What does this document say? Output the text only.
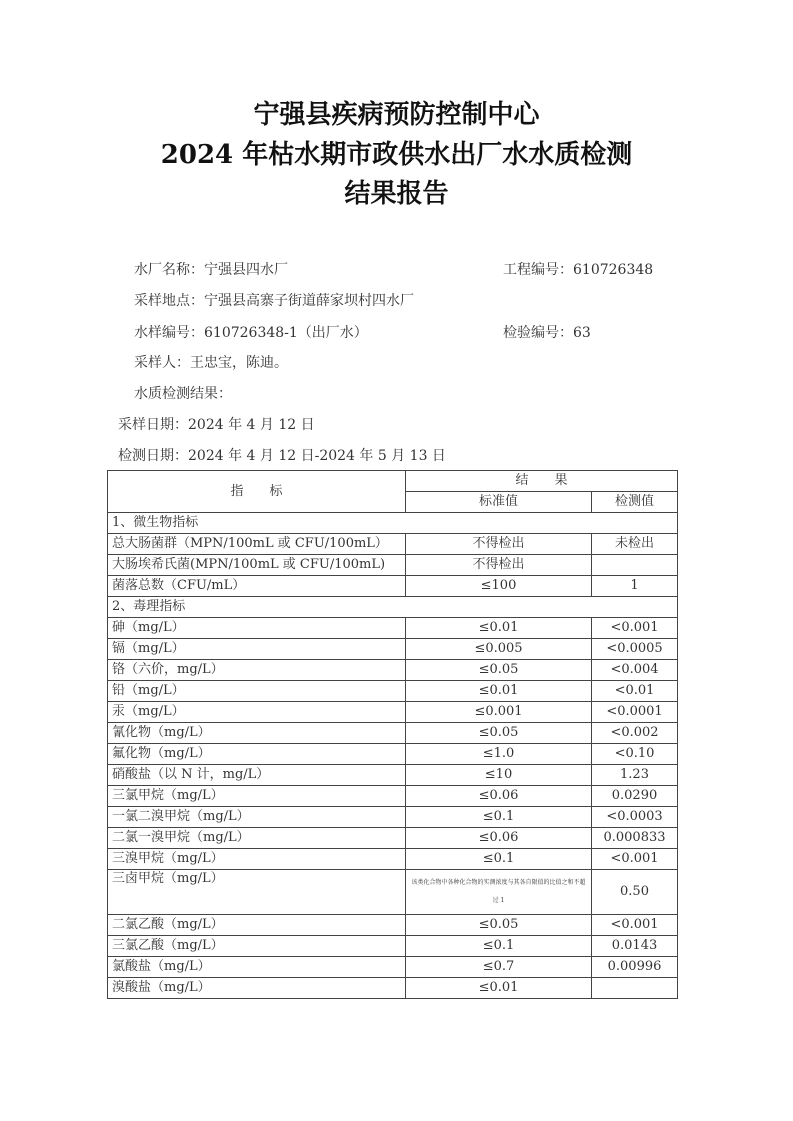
宁强县疾病预防控制中心
2024 年枯水期市政供水出厂水水质检测
结果报告
水厂名称：宁强县四水厂	工程编号：610726348
采样地点：宁强县高寨子街道薛家坝村四水厂
水样编号：610726348-1（出厂水）	检验编号：63
采样人：王忠宝，陈迪。
水质检测结果：
采样日期：2024 年 4 月 12 日
检测日期：2024 年 4 月 12 日-2024 年 5 月 13 日
指　　标	结　　果	
	标准值	检测值
1、微生物指标		
总大肠菌群（MPN/100mL 或 CFU/100mL）	不得检出	未检出
大肠埃希氏菌(MPN/100mL 或 CFU/100mL)	不得检出	
菌落总数（CFU/mL）	≤100	1
2、毒理指标		
砷（mg/L）	≤0.01	<0.001
镉（mg/L）	≤0.005	<0.0005
铬（六价，mg/L）	≤0.05	<0.004
铅（mg/L）	≤0.01	<0.01
汞（mg/L）	≤0.001	<0.0001
氰化物（mg/L）	≤0.05	<0.002
氟化物（mg/L）	≤1.0	<0.10
硝酸盐（以 N 计，mg/L）	≤10	1.23
三氯甲烷（mg/L）	≤0.06	0.0290
一氯二溴甲烷（mg/L）	≤0.1	<0.0003
二氯一溴甲烷（mg/L）	≤0.06	0.000833
三溴甲烷（mg/L）	≤0.1	<0.001
三卤甲烷（mg/L）	该类化合物中各种化合物的实测浓度与其各自限值的比值之和不超过 1	0.50
二氯乙酸（mg/L）	≤0.05	<0.001
三氯乙酸（mg/L）	≤0.1	0.0143
氯酸盐（mg/L）	≤0.7	0.00996
溴酸盐（mg/L）	≤0.01	
